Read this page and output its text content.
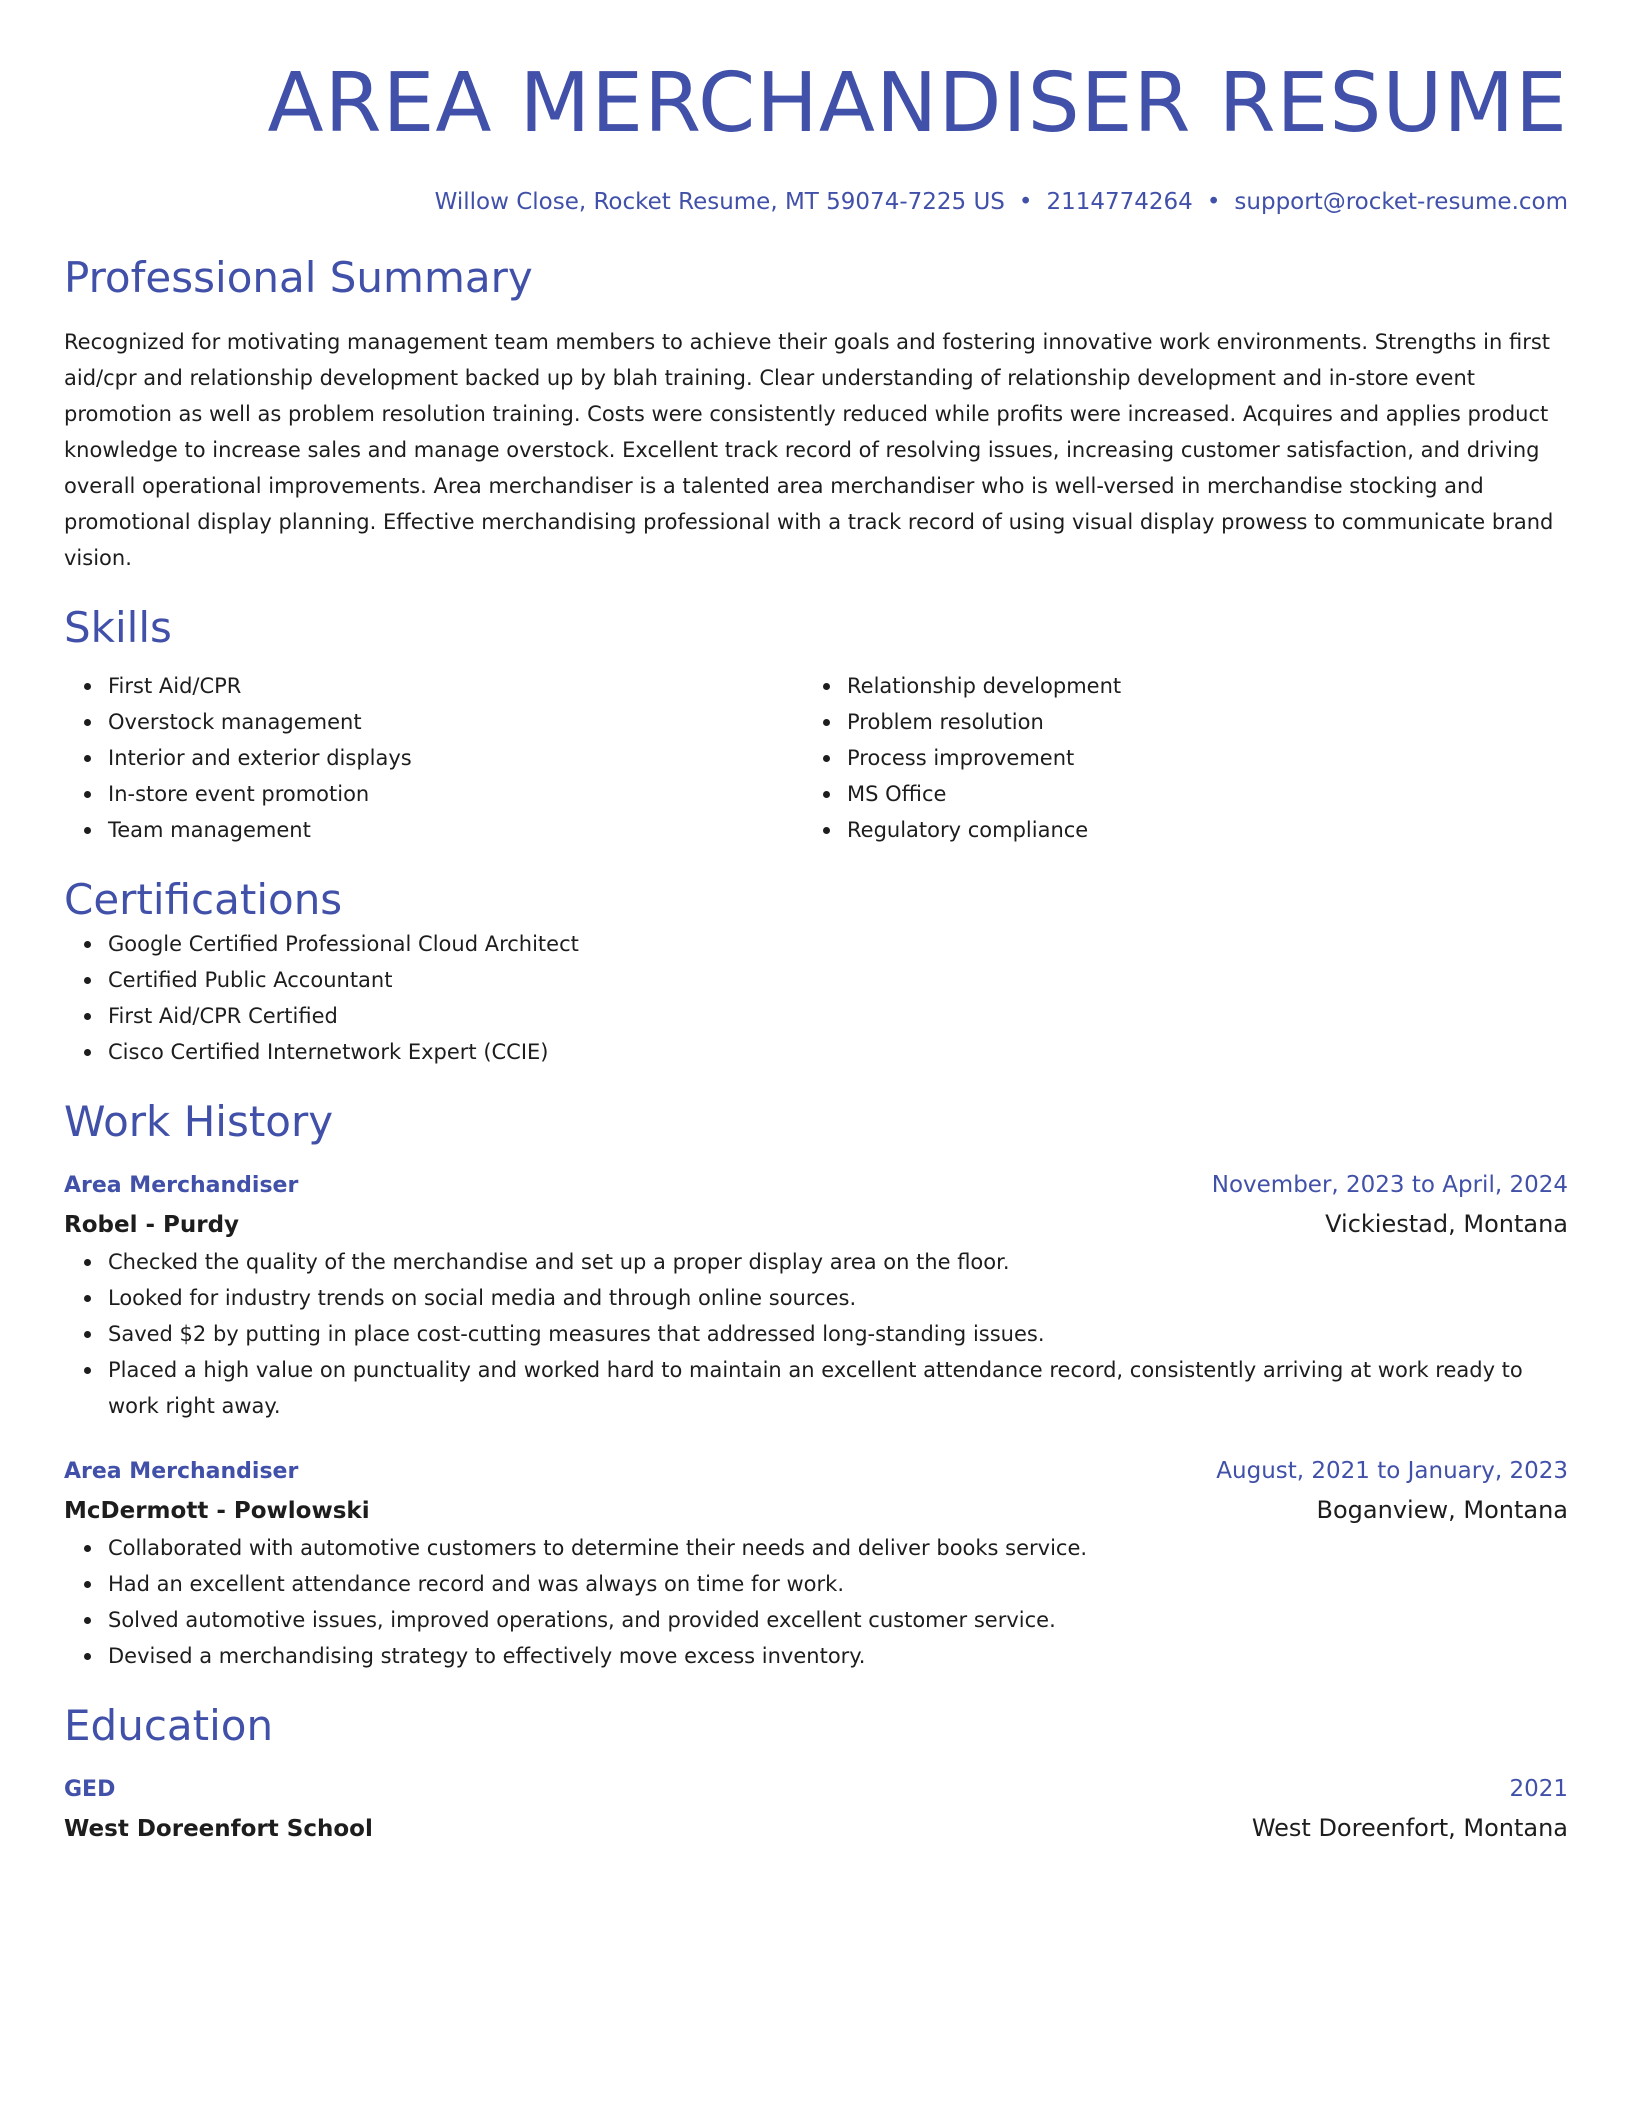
AREA MERCHANDISER RESUME
Willow Close, Rocket Resume, MT 59074-7225 US • 2114774264 • support@rocket-resume.com
Professional Summary

Recognized for motivating management team members to achieve their goals and fostering innovative work environments. Strengths in first aid/cpr and relationship development backed up by blah training. Clear understanding of relationship development and in-store event promotion as well as problem resolution training. Costs were consistently reduced while profits were increased. Acquires and applies product knowledge to increase sales and manage overstock. Excellent track record of resolving issues, increasing customer satisfaction, and driving overall operational improvements. Area merchandiser is a talented area merchandiser who is well-versed in merchandise stocking and promotional display planning. Effective merchandising professional with a track record of using visual display prowess to communicate brand vision.

Skills
First Aid/CPR
Overstock management
Interior and exterior displays
In-store event promotion
Team management
Relationship development
Problem resolution
Process improvement
MS Office
Regulatory compliance
Certifications
Google Certified Professional Cloud Architect
Certified Public Accountant
First Aid/CPR Certified
Cisco Certified Internetwork Expert (CCIE)
Work History
Area Merchandiser	November, 2023 to April, 2024
Robel - Purdy	Vickiestad, Montana
Checked the quality of the merchandise and set up a proper display area on the floor.
Looked for industry trends on social media and through online sources.
Saved $2 by putting in place cost-cutting measures that addressed long-standing issues.
Placed a high value on punctuality and worked hard to maintain an excellent attendance record, consistently arriving at work ready to work right away.
Area Merchandiser	August, 2021 to January, 2023
McDermott - Powlowski	Boganview, Montana
Collaborated with automotive customers to determine their needs and deliver books service.
Had an excellent attendance record and was always on time for work.
Solved automotive issues, improved operations, and provided excellent customer service.
Devised a merchandising strategy to effectively move excess inventory.
Education
GED	2021
West Doreenfort School	West Doreenfort, Montana
